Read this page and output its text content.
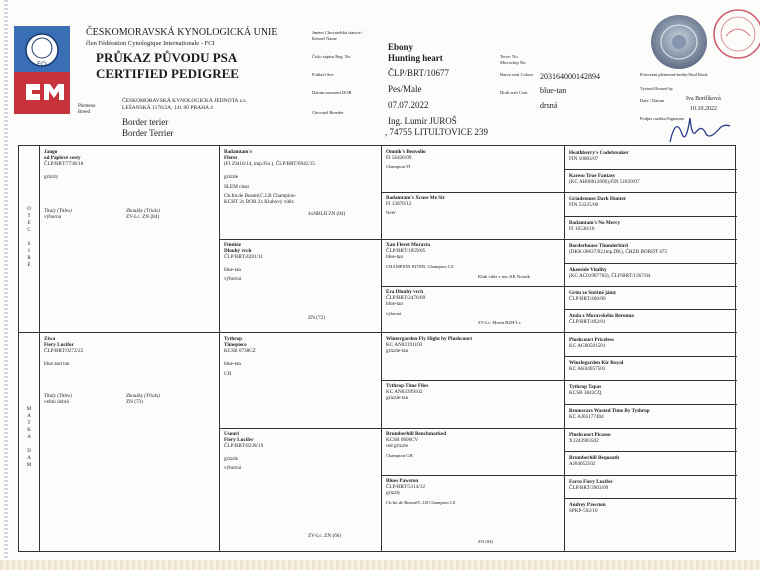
FCI
ČESKOMORAVSKÁ KYNOLOGICKÁ UNIE
člen Fédération Cynologique Internationale - FCI
PRŮKAZ PŮVODU PSA
CERTIFIED PEDIGREE
Plemeno Breed
ČESKOMORAVSKÁ KYNOLOGICKÁ JEDNOTA z.s.
LEŠANSKÁ 1176/2A, 141 00 PRAHA 4
Border terier
Border Terrier
Jméno Chovatelská stanice / Kennel Name
Číslo zápisu Reg. No.
Pohlaví Sex
Datum narození DOB
Chovatel Breeder
Ebony
Hunting heart
ČLP/BRT/10677
Pes/Male
07.07.2022
Ing. Lumír JUROŠ
, 74755 LITULTOVICE 239
Tetov. No. Microchip No.
Barva srsti Colour
Druh srsti Coat
203164000142894
blue-tan
drsná
Potvrzení plemenné knihy/Stud Book
Vystavil/Issued by
Date / Datum
Podpis razítko/Signature
Iva Bortlíková
10.10.2022
O
T
E
C

S
I
R
E
M
A
T
K
A

D
A
M
Jango
od Paplové cesty
ČLP/BRT/7738/18
grizzly
Tituly (Titles)
výborná
Zkoušky (Trials)
ZV-Lc. ZN (84)
Ziwa
Fiery Lucifor
ČLP/BRT/9272/22
blue and tan
Tituly (Titles)
velmi dobrá
Zkoušky (Trials)
ZN (73)
Badamtam's
Fleret
(FI 29416/14, imp.Fin.), ČLP/BRT/6942/15
grizzle
SLEM clear
Ch.Int.de Beauté,C.I.B Champion-KCHT 2x BOB 2x Klubový vítěz
4xNBLII ZN (84)
Finnkie
Dlouhý vrch
ČLP/BRT/4281/11
blue-tan
výborná
ZN (72)
Tythrop
Timepiece
KCSB 0738CZ
blue-tan
CH
Usouri
Fiery Lucifer
ČLP/BRT/8238/19
grizzle
výborná
ZV-Lc. ZN (66)
Onmik's Benvolio
FI 56426/09
Champion FI
Badamtam's Xcuse Me Sir
FI 13870/12
NeW
Xan Fleret Moravia
ČLP/BRT/1859/05
blue-tan
CHAMPION INTER. Champion CZ
Klub vítěz v ner./SK Norník
Era Dlouhý vrch
ČLP/BRT/2476/09
blue-tan
výborná
ZV-Lc. Mezin.BZH-Lc
Wintergarden Fly Hight by Plushcourt
KC AN03191103
grizzle-tan
Tythrop Time Flies
KC AN03399102
grizzle-tan
Brumberhill Benchmarked
KCSB 0606CV
red grizzle
Champion GB
Blues Pawston
ČLP/BRT/5114/12
grizzly
Ch.Int.de Beauté/C.I.B Champion CZ
ZN (84)
Heathberry's Codebreaker
FIN 10683/07
Kareso True Fantasy
(KC AH00812606),FIN 51839/07
Griadstones Dark Hunter
FIN 53225/06
Badamtam's No Mercy
FI 16530/10
Borderhouse Thunderbird
(DKK 00637/02,imp.DK), ČHZB BORDT 475
Akeeside Vitality
(KC AC01907702), ČLP/BRT/1367/04
Grim ze Sněžné jámy
ČLP/BRT/460/00
Anda z Moravského Berouna
ČLP/BRT/492/01
Plushcourt Priceless
KC AG00501501
Winzlegarden Kir Royal
KC AK04057503
Tythrop Tapas
KCSB 3842CQ
Bromscars Wasted Time By Tythrop
KC AJ05177404
Plushcourt Picasso
X1243903502
Brumberhill Bequeath
AJ04052502
Farro Fiery Lucifer
ČLP/BRT/3903/09
Audrey Pawston
SPKP-592/10
